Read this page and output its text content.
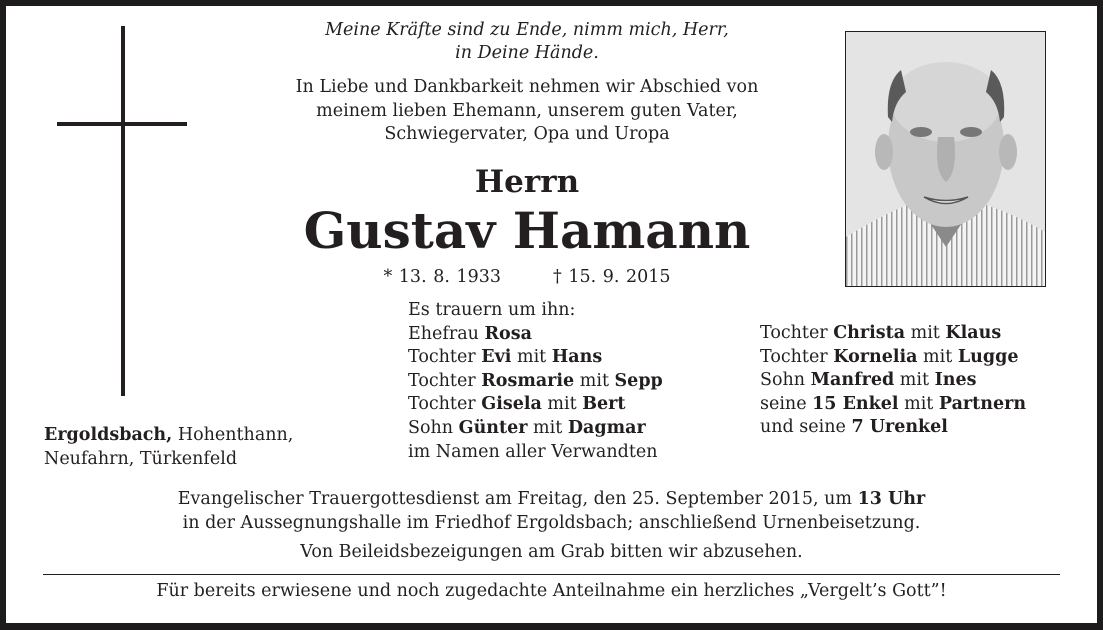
Meine Kräfte sind zu Ende, nimm mich, Herr,
in Deine Hände.
In Liebe und Dankbarkeit nehmen wir Abschied von
meinem lieben Ehemann, unserem guten Vater,
Schwiegervater, Opa und Uropa
Herrn
Gustav Hamann
* 13. 8. 1933	† 15. 9. 2015
Es trauern um ihn:
Ehefrau Rosa
Tochter Evi mit Hans
Tochter Rosmarie mit Sepp
Tochter Gisela mit Bert
Sohn Günter mit Dagmar
im Namen aller Verwandten
Tochter Christa mit Klaus
Tochter Kornelia mit Lugge
Sohn Manfred mit Ines
seine 15 Enkel mit Partnern
und seine 7 Urenkel
Ergoldsbach, Hohenthann,
Neufahrn, Türkenfeld
Evangelischer Trauergottesdienst am Freitag, den 25. September 2015, um 13 Uhr
in der Aussegnungshalle im Friedhof Ergoldsbach; anschließend Urnenbeisetzung.
Von Beileidsbezeigungen am Grab bitten wir abzusehen.
Für bereits erwiesene und noch zugedachte Anteilnahme ein herzliches „Vergelt’s Gott”!
